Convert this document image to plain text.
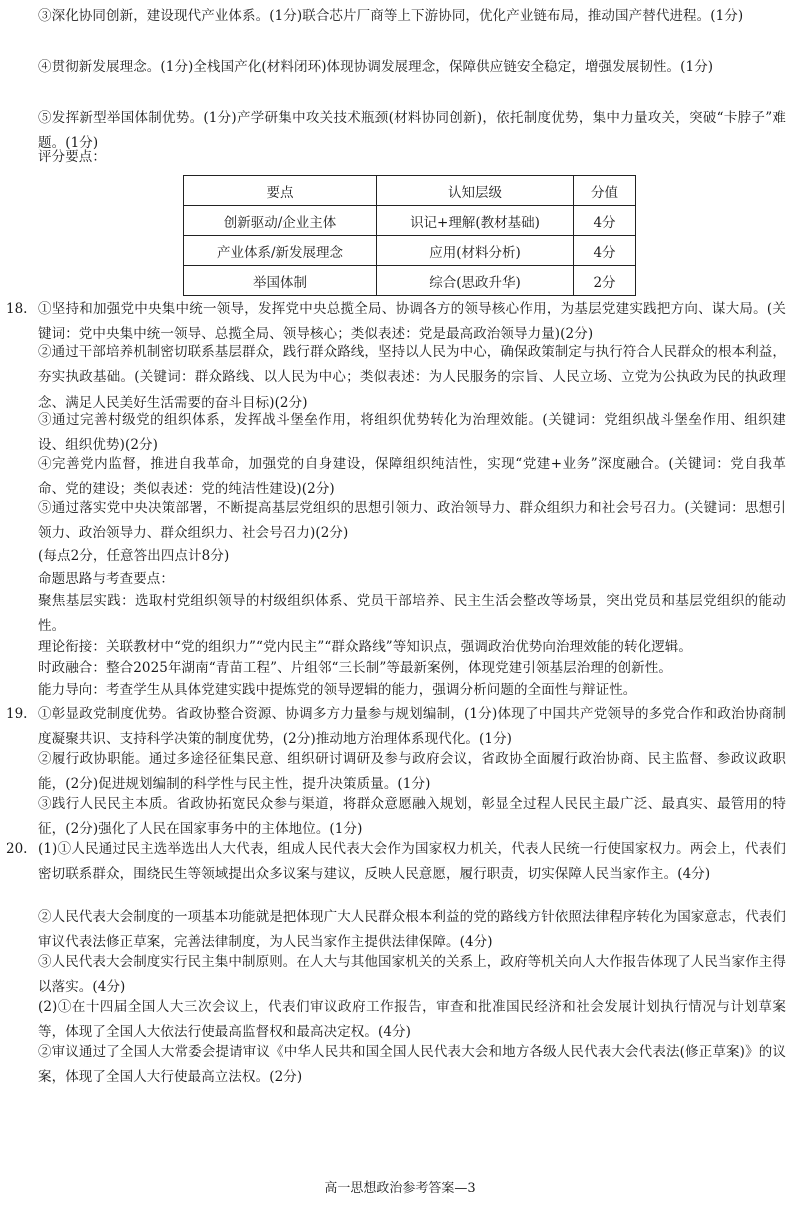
③深化协同创新，建设现代产业体系。(1分)联合芯片厂商等上下游协同，优化产业链布局，推动国产替代进程。(1分)
④贯彻新发展理念。(1分)全栈国产化(材料闭环)体现协调发展理念，保障供应链安全稳定，增强发展韧性。(1分)
⑤发挥新型举国体制优势。(1分)产学研集中攻关技术瓶颈(材料协同创新)，依托制度优势，集中力量攻关，突破“卡脖子”难题。(1分)
评分要点：
要点	认知层级	分值
创新驱动/企业主体	识记+理解(教材基础)	4分
产业体系/新发展理念	应用(材料分析)	4分
举国体制	综合(思政升华)	2分
18. ①坚持和加强党中央集中统一领导，发挥党中央总揽全局、协调各方的领导核心作用，为基层党建实践把方向、谋大局。(关键词：党中央集中统一领导、总揽全局、领导核心；类似表述：党是最高政治领导力量)(2分)
②通过干部培养机制密切联系基层群众，践行群众路线，坚持以人民为中心，确保政策制定与执行符合人民群众的根本利益，夯实执政基础。(关键词：群众路线、以人民为中心；类似表述：为人民服务的宗旨、人民立场、立党为公执政为民的执政理念、满足人民美好生活需要的奋斗目标)(2分)
③通过完善村级党的组织体系，发挥战斗堡垒作用，将组织优势转化为治理效能。(关键词：党组织战斗堡垒作用、组织建设、组织优势)(2分)
④完善党内监督，推进自我革命，加强党的自身建设，保障组织纯洁性，实现“党建+业务”深度融合。(关键词：党自我革命、党的建设；类似表述：党的纯洁性建设)(2分)
⑤通过落实党中央决策部署，不断提高基层党组织的思想引领力、政治领导力、群众组织力和社会号召力。(关键词：思想引领力、政治领导力、群众组织力、社会号召力)(2分)
(每点2分，任意答出四点计8分)
命题思路与考查要点：
聚焦基层实践：选取村党组织领导的村级组织体系、党员干部培养、民主生活会整改等场景，突出党员和基层党组织的能动性。
理论衔接：关联教材中“党的组织力”“党内民主”“群众路线”等知识点，强调政治优势向治理效能的转化逻辑。
时政融合：整合2025年湖南“青苗工程”、片组邻“三长制”等最新案例，体现党建引领基层治理的创新性。
能力导向：考查学生从具体党建实践中提炼党的领导逻辑的能力，强调分析问题的全面性与辩证性。
19. ①彰显政党制度优势。省政协整合资源、协调多方力量参与规划编制，(1分)体现了中国共产党领导的多党合作和政治协商制度凝聚共识、支持科学决策的制度优势，(2分)推动地方治理体系现代化。(1分)
②履行政协职能。通过多途径征集民意、组织研讨调研及参与政府会议，省政协全面履行政治协商、民主监督、参政议政职能，(2分)促进规划编制的科学性与民主性，提升决策质量。(1分)
③践行人民民主本质。省政协拓宽民众参与渠道，将群众意愿融入规划，彰显全过程人民民主最广泛、最真实、最管用的特征，(2分)强化了人民在国家事务中的主体地位。(1分)
20. (1)①人民通过民主选举选出人大代表，组成人民代表大会作为国家权力机关，代表人民统一行使国家权力。两会上，代表们密切联系群众，围绕民生等领域提出众多议案与建议，反映人民意愿，履行职责，切实保障人民当家作主。(4分)
②人民代表大会制度的一项基本功能就是把体现广大人民群众根本利益的党的路线方针依照法律程序转化为国家意志，代表们审议代表法修正草案，完善法律制度，为人民当家作主提供法律保障。(4分)
③人民代表大会制度实行民主集中制原则。在人大与其他国家机关的关系上，政府等机关向人大作报告体现了人民当家作主得以落实。(4分)
(2)①在十四届全国人大三次会议上，代表们审议政府工作报告，审查和批准国民经济和社会发展计划执行情况与计划草案等，体现了全国人大依法行使最高监督权和最高决定权。(4分)
②审议通过了全国人大常委会提请审议《中华人民共和国全国人民代表大会和地方各级人民代表大会代表法(修正草案)》的议案，体现了全国人大行使最高立法权。(2分)
高一思想政治参考答案—3
